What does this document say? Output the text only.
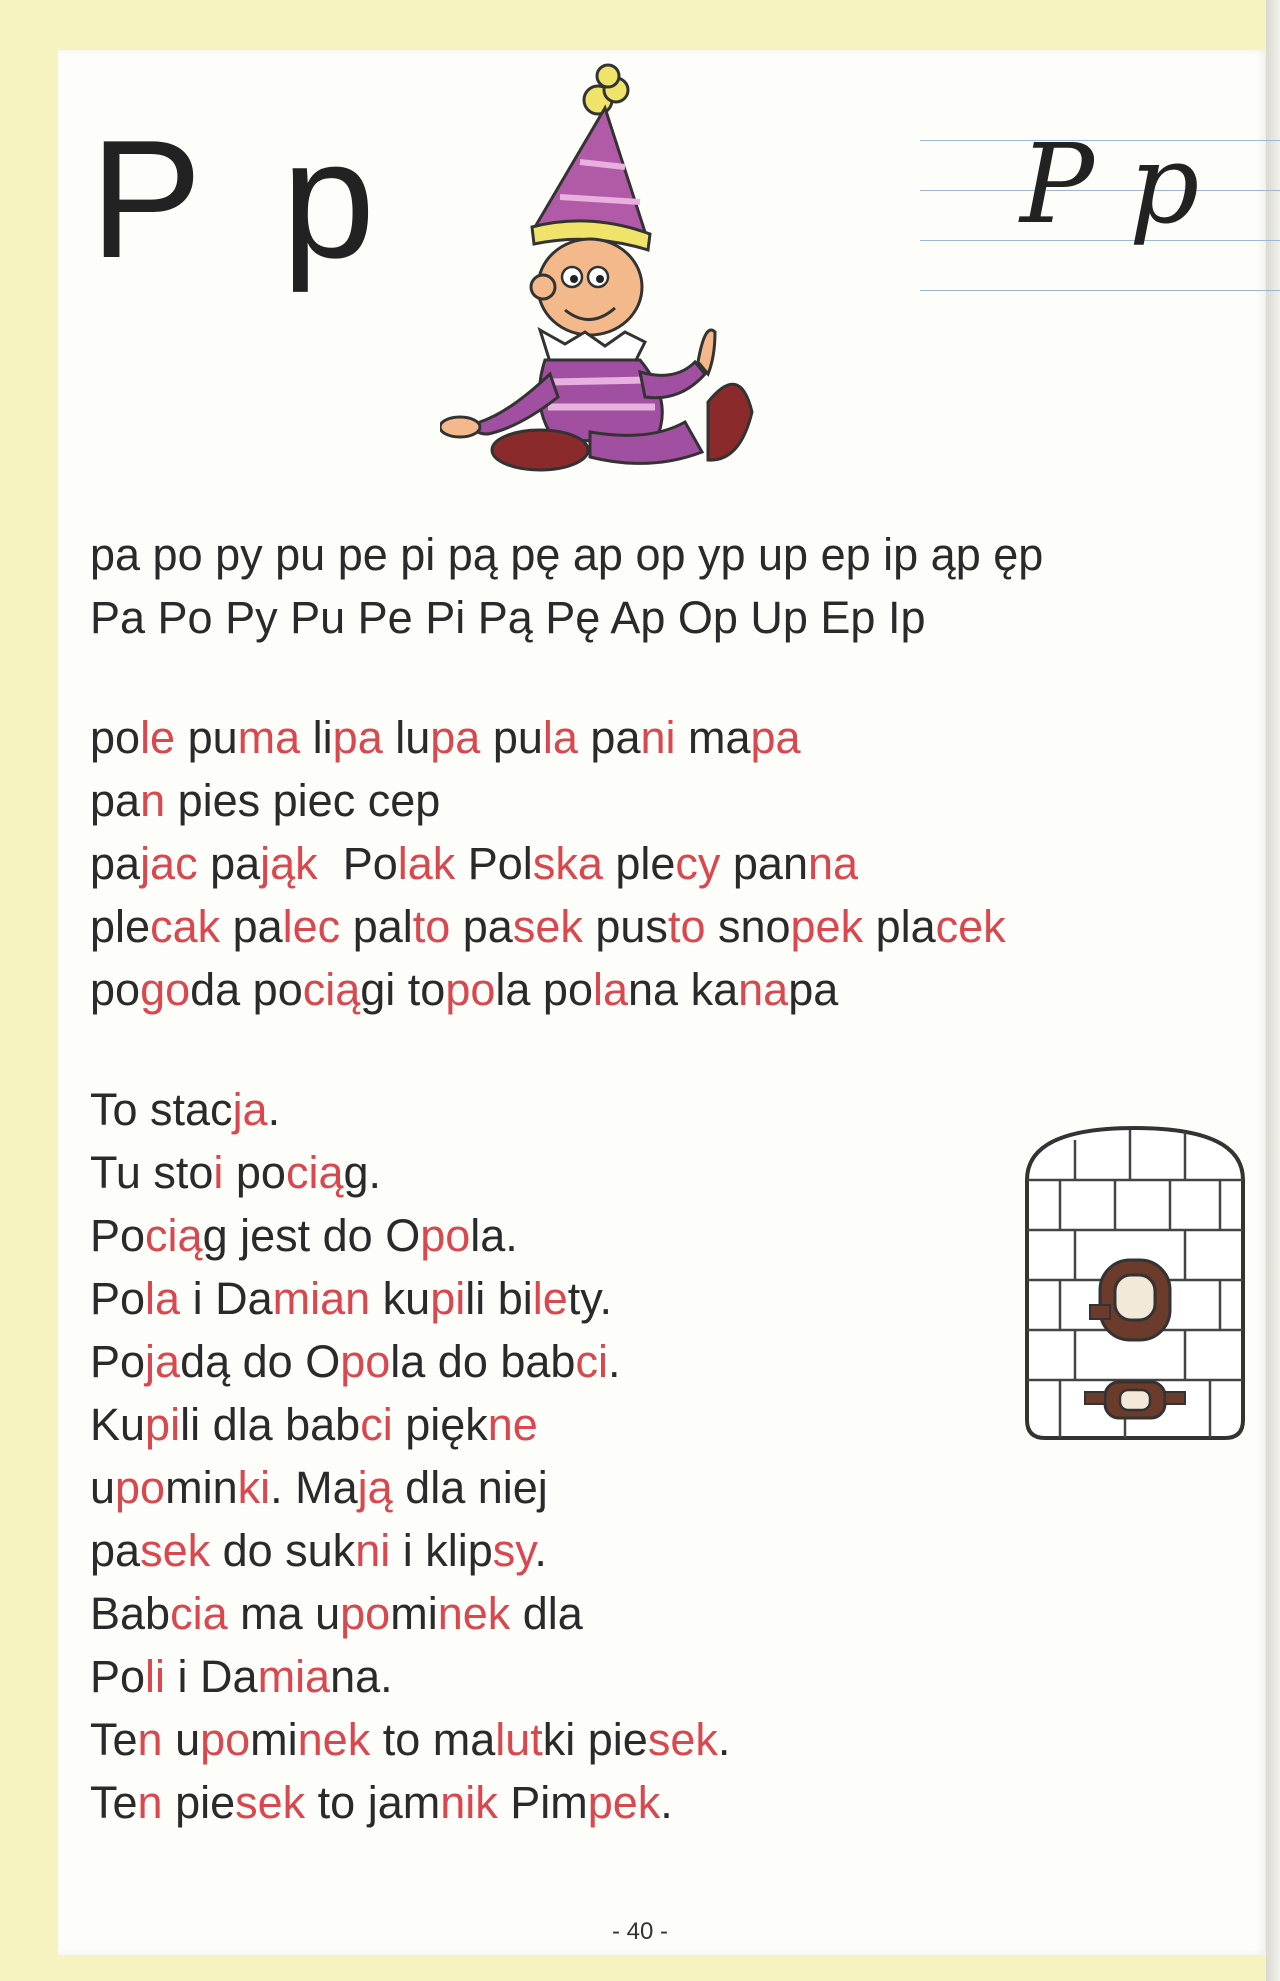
P p	P p
pa po py pu pe pi pą pę ap op yp up ep ip ąp ęp
Pa Po Py Pu Pe Pi Pą Pę Ap Op Up Ep Ip
pole puma lipa lupa pula pani mapa
pan pies piec cep
pajac pająk  Polak Polska plecy panna
plecak palec palto pasek pusto snopek placek
pogoda pociągi topola polana kanapa
To stacja.
Tu stoi pociąg.
Pociąg jest do Opola.
Pola i Damian kupili bilety.
Pojadą do Opola do babci.
Kupili dla babci piękne
upominki. Mają dla niej
pasek do sukni i klipsy.
Babcia ma upominek dla
Poli i Damiana.
Ten upominek to malutki piesek.
Ten piesek to jamnik Pimpek.
- 40 -
